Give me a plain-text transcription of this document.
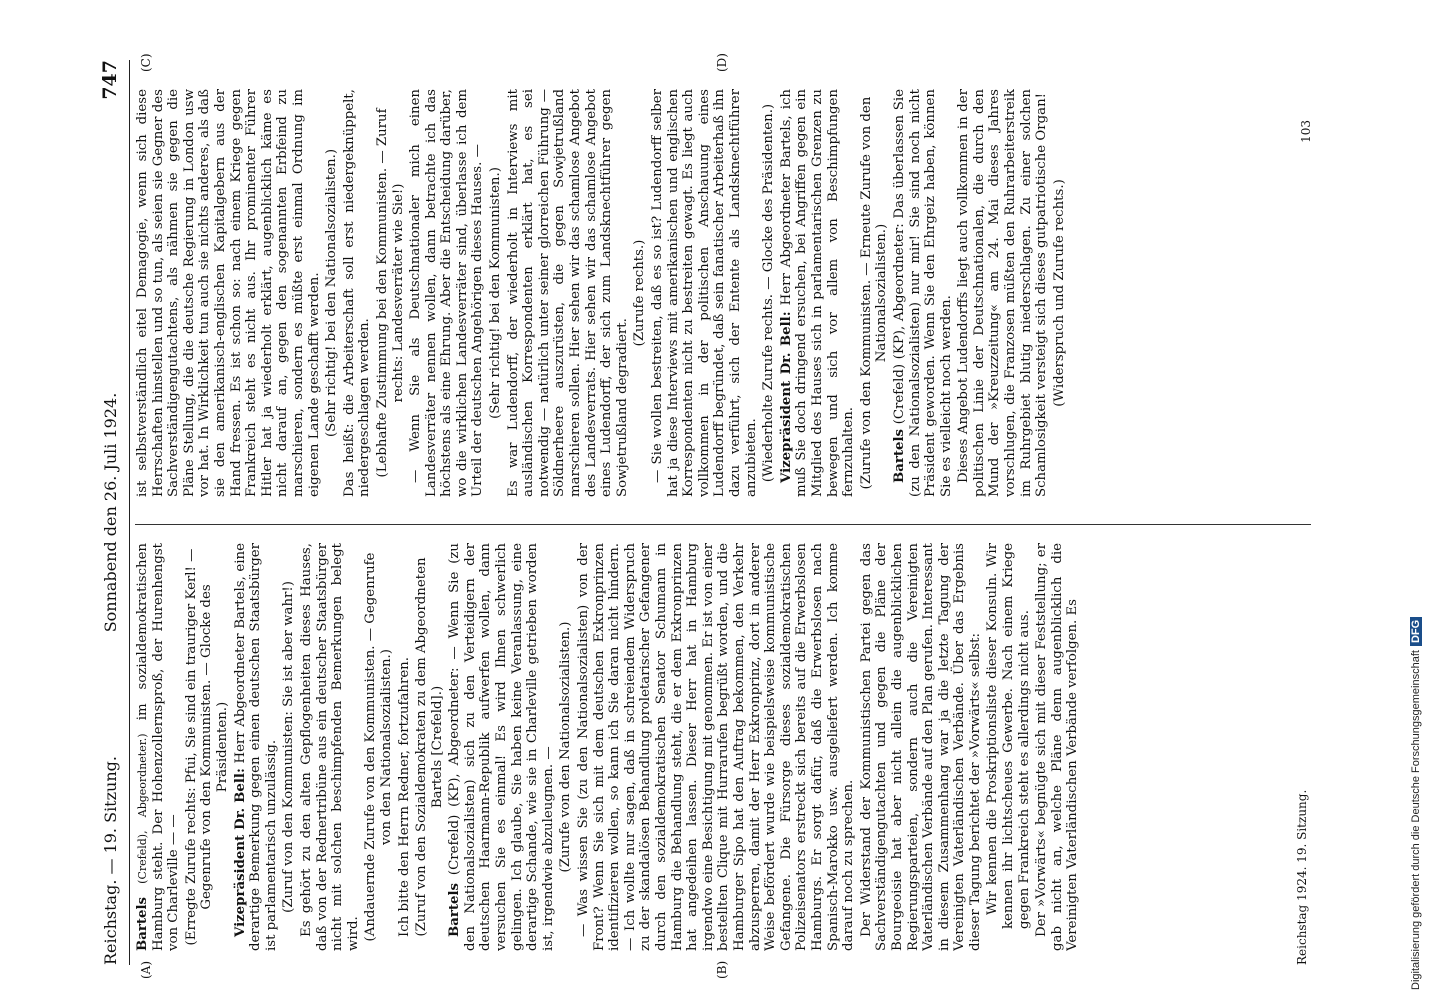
Reichstag. — 19. Sitzung.
Sonnabend den 26. Juli 1924.
747
(A)	(B)
(C)	(D)

Bartels (Crefeld), Abgeordneter.) im sozialdemokratischen Hamburg steht. Der Hohenzollernsproß, der Hurenhengst von Charleville — — (Erregte Zurufe rechts: Pfui, Sie sind ein trauriger Kerl! — Gegenrufe von den Kommunisten. — Glocke des Präsidenten.)

Vizepräsident Dr. Bell: Herr Abgeordneter Bartels, eine derartige Bemerkung gegen einen deutschen Staatsbürger ist parlamentarisch unzulässig. (Zuruf von den Kommunisten: Sie ist aber wahr!) Es gehört zu den alten Gepflogenheiten dieses Hauses, daß von der Rednertribüne aus ein deutscher Staatsbürger nicht mit solchen beschimpfenden Bemerkungen belegt wird. (Andauernde Zurufe von den Kommunisten. — Gegenrufe von den Nationalsozialisten.) Ich bitte den Herrn Redner, fortzufahren. (Zuruf von den Sozialdemokraten zu dem Abgeordneten Bartels [Crefeld].)

Bartels (Crefeld) (KP), Abgeordneter: — Wenn Sie (zu den Nationalsozialisten) sich zu den Verteidigern der deutschen Haarmann-Republik aufwerfen wollen, dann versuchen Sie es einmal! Es wird Ihnen schwerlich gelingen. Ich glaube, Sie haben keine Veranlassung, eine derartige Schande, wie sie in Charleville getrieben worden ist, irgendwie abzuleugnen. — (Zurufe von den Nationalsozialisten.) — Was wissen Sie (zu den Nationalsozialisten) von der Front? Wenn Sie sich mit dem deutschen Exkronprinzen identifizieren wollen, so kann ich Sie daran nicht hindern. — Ich wollte nur sagen, daß in schreiendem Widerspruch zu der skandalösen Behandlung proletarischer Gefangener durch den sozialdemokratischen Senator Schumann in Hamburg die Behandlung steht, die er dem Exkronprinzen hat angedeihen lassen. Dieser Herr hat in Hamburg irgendwo eine Besichtigung mit genommen. Er ist von einer bestellten Clique mit Hurrarufen begrüßt worden, und die Hamburger Sipo hat den Auftrag bekommen, den Verkehr abzusperren, damit der Herr Exkronprinz, dort in anderer Weise befördert wurde wie beispielsweise kommunistische Gefangene. Die Fürsorge dieses sozialdemokratischen Polizeisenators erstreckt sich bereits auf die Erwerbslosen Hamburgs. Er sorgt dafür, daß die Erwerbslosen nach Spanisch-Marokko usw. ausgeliefert werden. Ich komme darauf noch zu sprechen. Der Widerstand der Kommunistischen Partei gegen das Sachverständigengutachten und gegen die Pläne der Bourgeoisie hat aber nicht allein die augenblicklichen Regierungsparteien, sondern auch die Vereinigten Vaterländischen Verbände auf den Plan gerufen. Interessant in diesem Zusammenhang war ja die letzte Tagung der Vereinigten Vaterländischen Verbände. Über das Ergebnis dieser Tagung berichtet der »Vorwärts« selbst: Wir kennen die Proskriptionsliste dieser Konsuln. Wir kennen ihr lichtscheues Gewerbe. Nach einem Kriege gegen Frankreich steht es allerdings nicht aus. Der »Vorwärts« begnügte sich mit dieser Feststellung; er gab nicht an, welche Pläne denn augenblicklich die Vereinigten Vaterländischen Verbände verfolgen. Es

ist selbstverständlich eitel Demagogie, wenn sich diese Herrschaften hinstellen und so tun, als seien sie Gegner des Sachverständigengutachtens, als nähmen sie gegen die Pläne Stellung, die die deutsche Regierung in London usw vor hat. In Wirklichkeit tun auch sie nichts anderes, als daß sie den amerikanisch-englischen Kapitalgebern aus der Hand fressen. Es ist schon so: nach einem Kriege gegen Frankreich steht es nicht aus. Ihr prominenter Führer Hitler hat ja wiederholt erklärt, augenblicklich käme es nicht darauf an, gegen den sogenannten Erbfeind zu marschieren, sondern es müßte erst einmal Ordnung im eigenen Lande geschafft werden. (Sehr richtig! bei den Nationalsozialisten.) Das heißt: die Arbeiterschaft soll erst niedergeknüppelt, niedergeschlagen werden. (Lebhafte Zustimmung bei den Kommunisten. — Zuruf rechts: Landesverräter wie Sie!) — Wenn Sie als Deutschnationaler mich einen Landesverräter nennen wollen, dann betrachte ich das höchstens als eine Ehrung. Aber die Entscheidung darüber, wo die wirklichen Landesverräter sind, überlasse ich dem Urteil der deutschen Angehörigen dieses Hauses. — (Sehr richtig! bei den Kommunisten.) Es war Ludendorff, der wiederholt in Interviews mit ausländischen Korrespondenten erklärt hat, es sei notwendig — natürlich unter seiner glorreichen Führung — Söldnerheere auszurüsten, die gegen Sowjetrußland marschieren sollen. Hier sehen wir das schamlose Angebot des Landesverrats. Hier sehen wir das schamlose Angebot eines Ludendorff, der sich zum Landsknechtführer gegen Sowjetrußland degradiert.

(Zurufe rechts.) — Sie wollen bestreiten, daß es so ist? Ludendorff selber hat ja diese Interviews mit amerikanischen und englischen Korrespondenten nicht zu bestreiten gewagt. Es liegt auch vollkommen in der politischen Anschauung eines Ludendorff begründet, daß sein fanatischer Arbeiterhaß ihn dazu verführt, sich der Entente als Landsknechtführer anzubieten. (Wiederholte Zurufe rechts. — Glocke des Präsidenten.) Vizepräsident Dr. Bell: Herr Abgeordneter Bartels, ich muß Sie doch dringend ersuchen, bei Angriffen gegen ein Mitglied des Hauses sich in parlamentarischen Grenzen zu bewegen und sich vor allem von Beschimpfungen fernzuhalten. (Zurufe von den Kommunisten. — Erneute Zurufe von den Nationalsozialisten.)

Bartels (Crefeld) (KP), Abgeordneter: Das überlassen Sie (zu den Nationalsozialisten) nur mir! Sie sind noch nicht Präsident geworden. Wenn Sie den Ehrgeiz haben, können Sie es vielleicht noch werden. Dieses Angebot Ludendorffs liegt auch vollkommen in der politischen Linie der Deutschnationalen, die durch den Mund der »Kreuzzeitung« am 24. Mai dieses Jahres vorschlugen, die Franzosen müßten den Ruhrarbeiterstreik im Ruhrgebiet blutig niederschlagen. Zu einer solchen Schamlosigkeit versteigt sich dieses gutpatriotische Organ! (Widerspruch und Zurufe rechts.)

Reichstag 1924. 19. Sitzung.
103
Digitalisierung gefördert durch die Deutsche ForschungsgemeinschaftDFG
